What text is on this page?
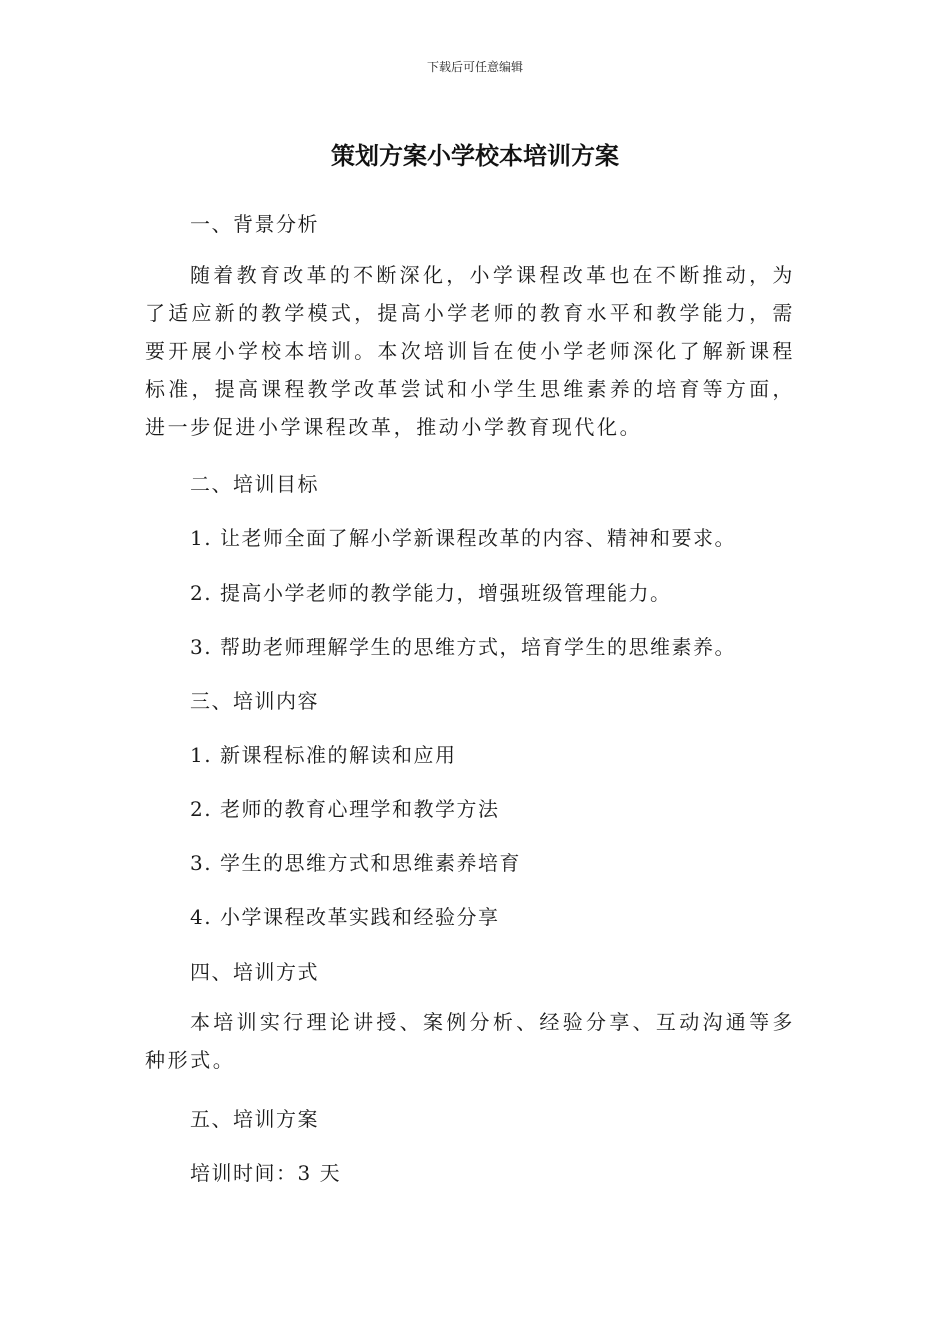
下载后可任意编辑
策划方案小学校本培训方案
一、背景分析
随着教育改革的不断深化，小学课程改革也在不断推动，为了适应新的教学模式，提高小学老师的教育水平和教学能力，需要开展小学校本培训。本次培训旨在使小学老师深化了解新课程标准，提高课程教学改革尝试和小学生思维素养的培育等方面，进一步促进小学课程改革，推动小学教育现代化。
二、培训目标
1. 让老师全面了解小学新课程改革的内容、精神和要求。
2. 提高小学老师的教学能力，增强班级管理能力。
3. 帮助老师理解学生的思维方式，培育学生的思维素养。
三、培训内容
1. 新课程标准的解读和应用
2. 老师的教育心理学和教学方法
3. 学生的思维方式和思维素养培育
4. 小学课程改革实践和经验分享
四、培训方式
本培训实行理论讲授、案例分析、经验分享、互动沟通等多种形式。
五、培训方案
培训时间：3 天
